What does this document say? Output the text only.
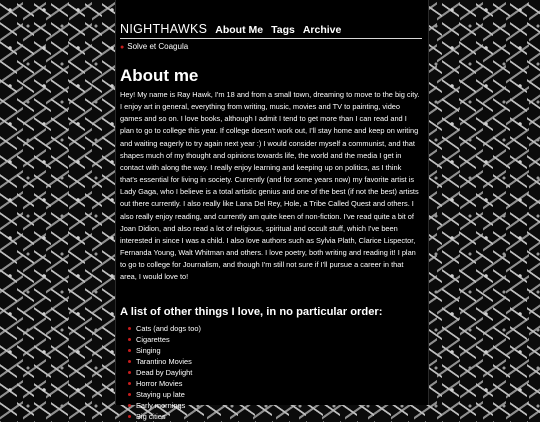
NIGHTHAWKS About Me Tags Archive
● Solve et Coagula
About me

Hey! My name is Ray Hawk, I'm 18 and from a small town, dreaming to move to the big city. I enjoy art in general, everything from writing, music, movies and TV to painting, video games and so on. I love books, although I admit I tend to get more than I can read and I plan to go to college this year. If college doesn't work out, I'll stay home and keep on writing and waiting eagerly to try again next year :) I would consider myself a communist, and that shapes much of my thought and opinions towards life, the world and the media I get in contact with along the way. I really enjoy learning and keeping up on politics, as I think that's essential for living in society. Currently (and for some years now) my favorite artist is Lady Gaga, who I believe is a total artistic genius and one of the best (if not the best) artists out there currently. I also really like Lana Del Rey, Hole, a Tribe Called Quest and others. I also really enjoy reading, and currently am quite keen of non-fiction. I've read quite a bit of Joan Didion, and also read a lot of religious, spiritual and occult stuff, which I've been interested in since I was a child. I also love authors such as Sylvia Plath, Clarice Lispector, Fernanda Young, Walt Whitman and others. I love poetry, both writing and reading it! I plan to go to college for Journalism, and though I'm still not sure if I'll pursue a career in that area, I would love to!

A list of other things I love, in no particular order:
Cats (and dogs too)
Cigarettes
Singing
Tarantino Movies
Dead by Daylight
Horror Movies
Staying up late
Early mornings
Big cities
